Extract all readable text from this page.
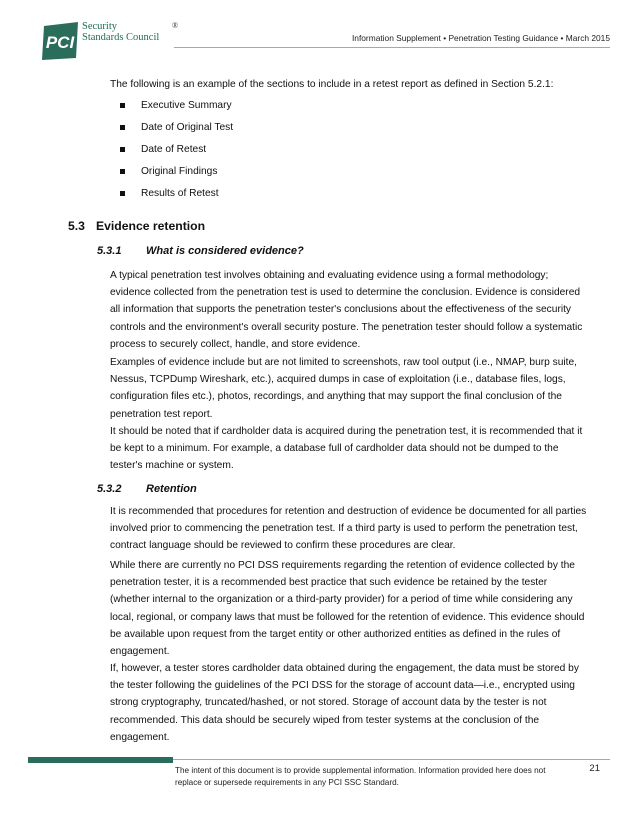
PCI
Security
Standards Council
®
Information Supplement • Penetration Testing Guidance • March 2015
The following is an example of the sections to include in a retest report as defined in Section 5.2.1:
Executive Summary
Date of Original Test
Date of Retest
Original Findings
Results of Retest
5.3 Evidence retention
5.3.1 What is considered evidence?
A typical penetration test involves obtaining and evaluating evidence using a formal methodology;
evidence collected from the penetration test is used to determine the conclusion. Evidence is considered
all information that supports the penetration tester's conclusions about the effectiveness of the security
controls and the environment's overall security posture. The penetration tester should follow a systematic
process to securely collect, handle, and store evidence.
Examples of evidence include but are not limited to screenshots, raw tool output (i.e., NMAP, burp suite,
Nessus, TCPDump Wireshark, etc.), acquired dumps in case of exploitation (i.e., database files, logs,
configuration files etc.), photos, recordings, and anything that may support the final conclusion of the
penetration test report.
It should be noted that if cardholder data is acquired during the penetration test, it is recommended that it
be kept to a minimum. For example, a database full of cardholder data should not be dumped to the
tester's machine or system.
5.3.2 Retention
It is recommended that procedures for retention and destruction of evidence be documented for all parties
involved prior to commencing the penetration test. If a third party is used to perform the penetration test,
contract language should be reviewed to confirm these procedures are clear.
While there are currently no PCI DSS requirements regarding the retention of evidence collected by the
penetration tester, it is a recommended best practice that such evidence be retained by the tester
(whether internal to the organization or a third-party provider) for a period of time while considering any
local, regional, or company laws that must be followed for the retention of evidence. This evidence should
be available upon request from the target entity or other authorized entities as defined in the rules of
engagement.
If, however, a tester stores cardholder data obtained during the engagement, the data must be stored by
the tester following the guidelines of the PCI DSS for the storage of account data—i.e., encrypted using
strong cryptography, truncated/hashed, or not stored. Storage of account data by the tester is not
recommended. This data should be securely wiped from tester systems at the conclusion of the
engagement.
The intent of this document is to provide supplemental information. Information provided here does not
replace or supersede requirements in any PCI SSC Standard.
21
